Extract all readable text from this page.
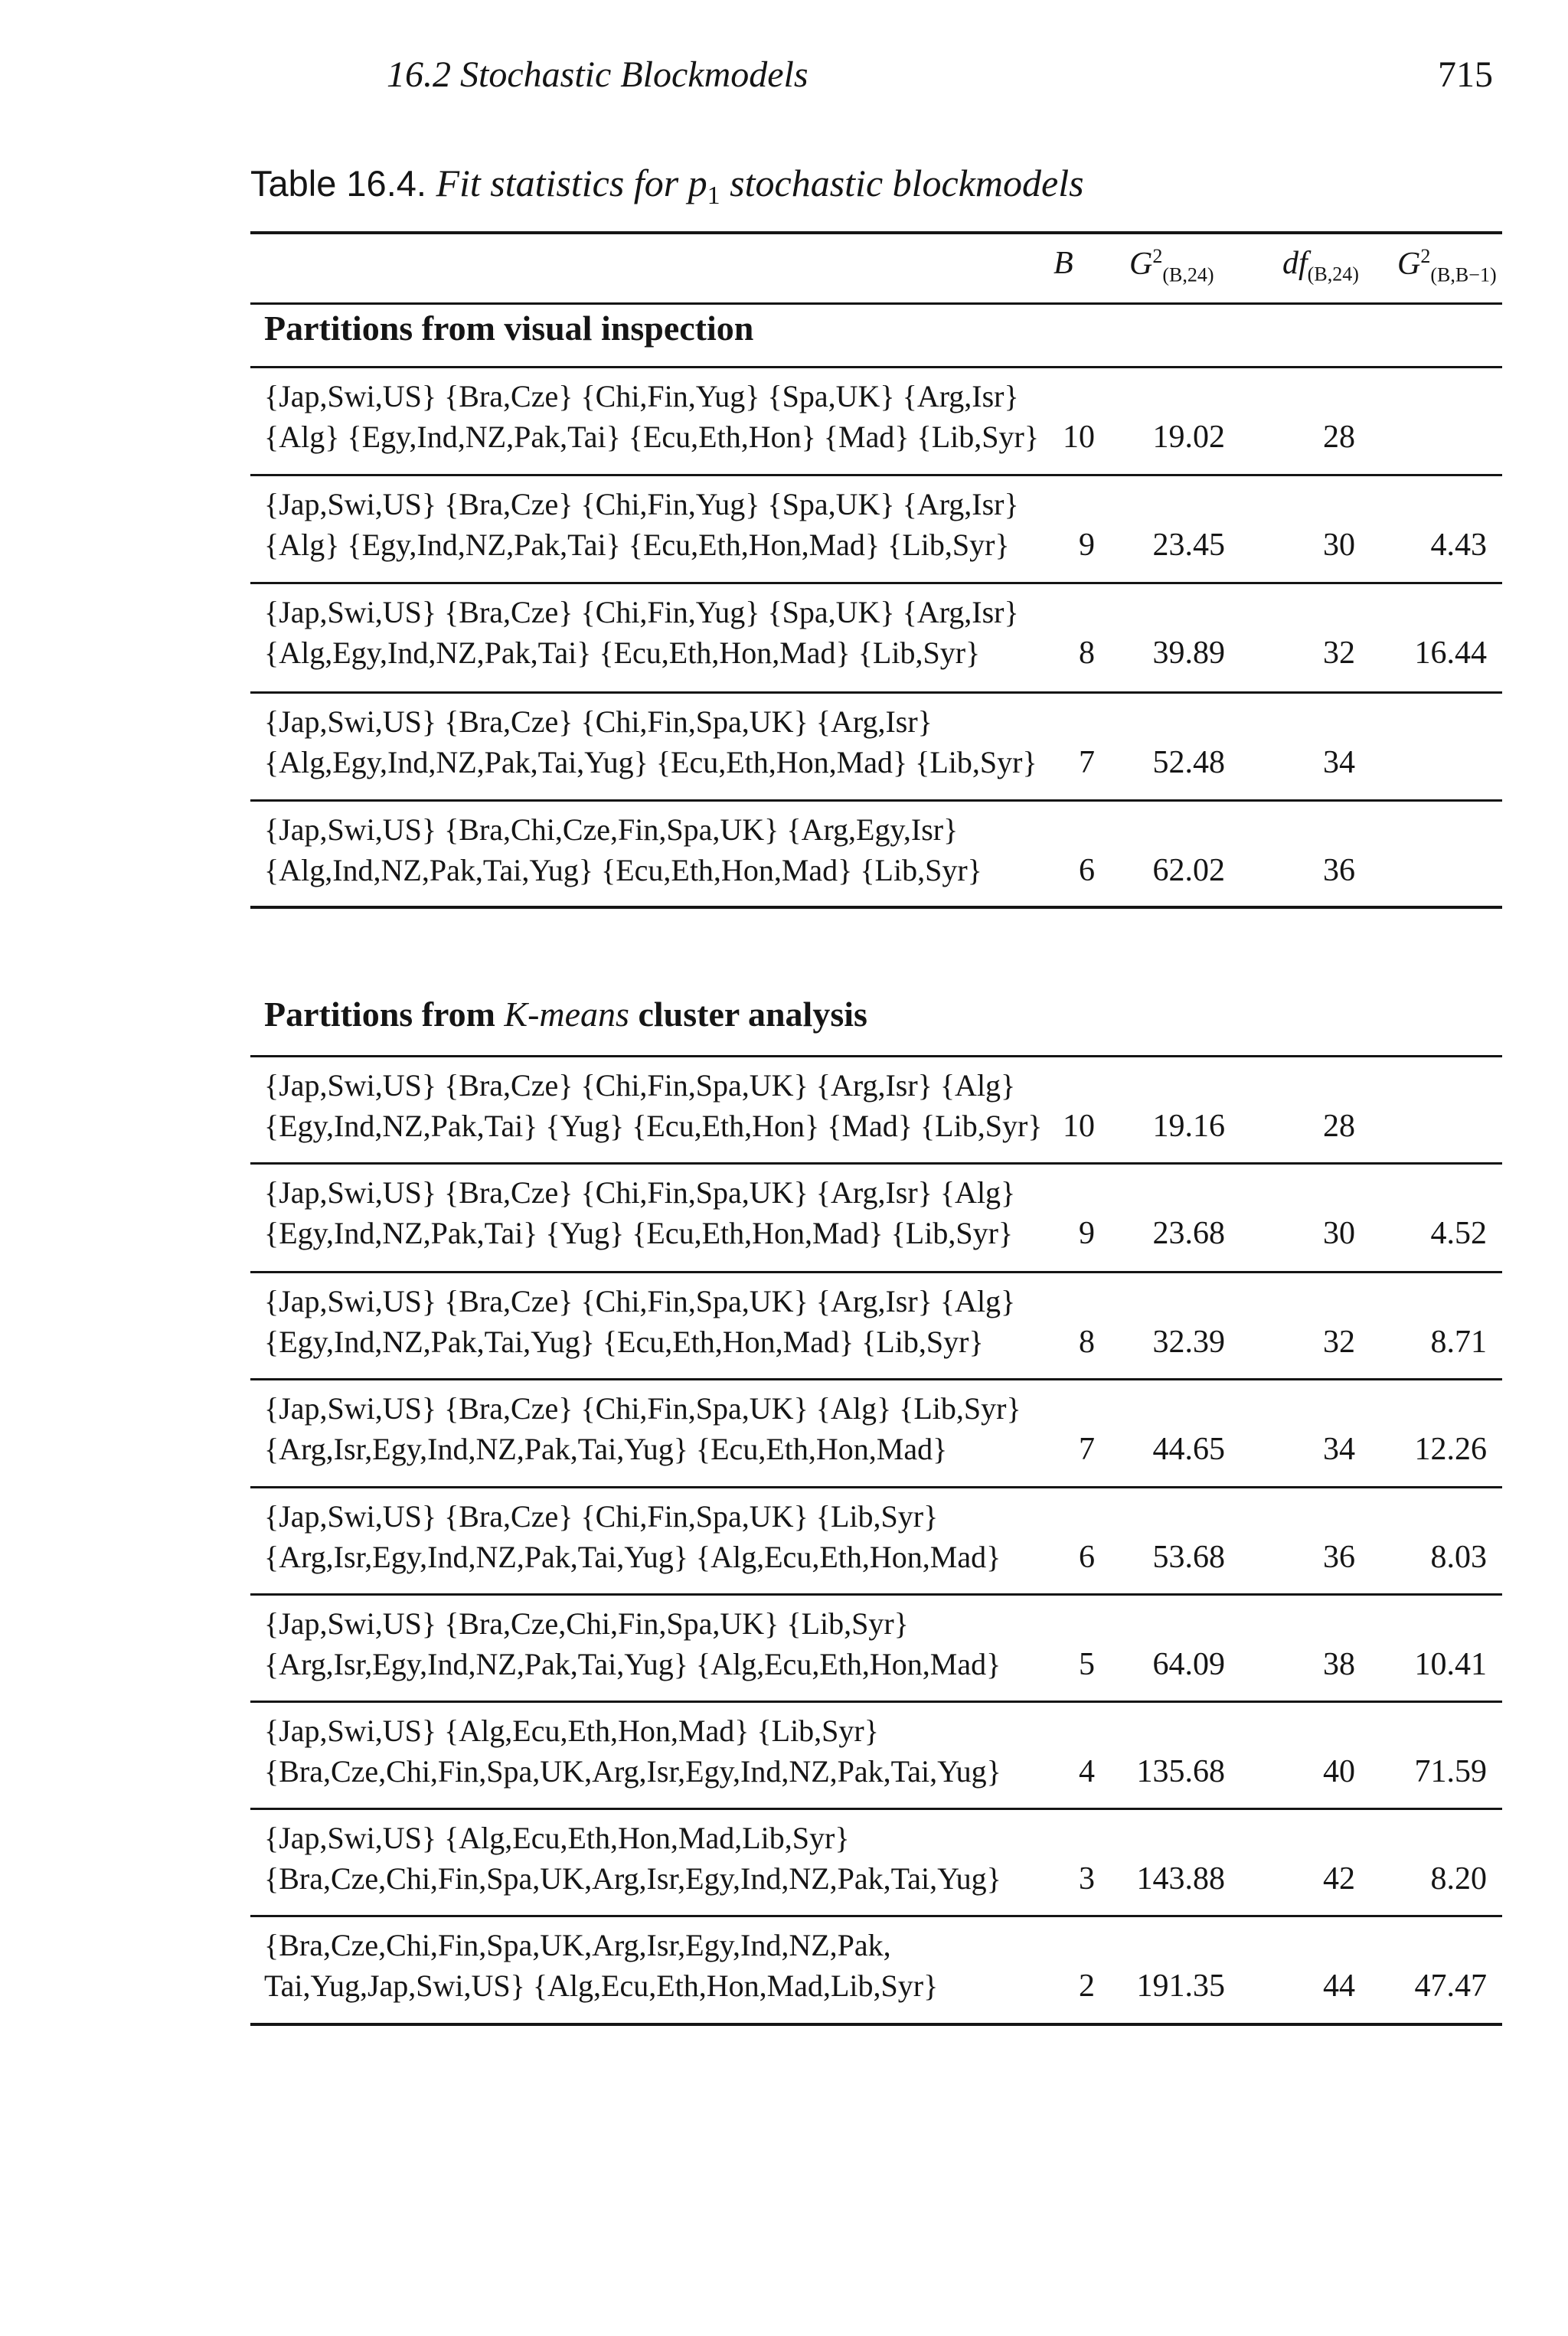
16.2 Stochastic Blockmodels	715
Table 16.4. Fit statistics for $p_1$ stochastic blockmodels
B $G^2_{(B,24)}$ $df_{(B,24)}$ $G^2_{(B,B-1)}$
Partitions from visual inspection
{Jap,Swi,US} {Bra,Cze} {Chi,Fin,Yug} {Spa,UK} {Arg,Isr}
{Alg} {Egy,Ind,NZ,Pak,Tai} {Ecu,Eth,Hon} {Mad} {Lib,Syr} 10	19.02	28
{Jap,Swi,US} {Bra,Cze} {Chi,Fin,Yug} {Spa,UK} {Arg,Isr}
{Alg} {Egy,Ind,NZ,Pak,Tai} {Ecu,Eth,Hon,Mad} {Lib,Syr}	9	23.45	30	4.43
{Jap,Swi,US} {Bra,Cze} {Chi,Fin,Yug} {Spa,UK} {Arg,Isr}
{Alg,Egy,Ind,NZ,Pak,Tai} {Ecu,Eth,Hon,Mad} {Lib,Syr}	8	39.89	32	16.44
{Jap,Swi,US} {Bra,Cze} {Chi,Fin,Spa,UK} {Arg,Isr}
{Alg,Egy,Ind,NZ,Pak,Tai,Yug} {Ecu,Eth,Hon,Mad} {Lib,Syr}	7	52.48	34
{Jap,Swi,US} {Bra,Chi,Cze,Fin,Spa,UK} {Arg,Egy,Isr}
{Alg,Ind,NZ,Pak,Tai,Yug} {Ecu,Eth,Hon,Mad} {Lib,Syr}	6	62.02	36
Partitions from K-means cluster analysis
{Jap,Swi,US} {Bra,Cze} {Chi,Fin,Spa,UK} {Arg,Isr} {Alg}
{Egy,Ind,NZ,Pak,Tai} {Yug} {Ecu,Eth,Hon} {Mad} {Lib,Syr} 10	19.16	28
{Jap,Swi,US} {Bra,Cze} {Chi,Fin,Spa,UK} {Arg,Isr} {Alg}
{Egy,Ind,NZ,Pak,Tai} {Yug} {Ecu,Eth,Hon,Mad} {Lib,Syr}	9	23.68	30	4.52
{Jap,Swi,US} {Bra,Cze} {Chi,Fin,Spa,UK} {Arg,Isr} {Alg}
{Egy,Ind,NZ,Pak,Tai,Yug} {Ecu,Eth,Hon,Mad} {Lib,Syr}	8	32.39	32	8.71
{Jap,Swi,US} {Bra,Cze} {Chi,Fin,Spa,UK} {Alg} {Lib,Syr}
{Arg,Isr,Egy,Ind,NZ,Pak,Tai,Yug} {Ecu,Eth,Hon,Mad}	7	44.65	34	12.26
{Jap,Swi,US} {Bra,Cze} {Chi,Fin,Spa,UK} {Lib,Syr}
{Arg,Isr,Egy,Ind,NZ,Pak,Tai,Yug} {Alg,Ecu,Eth,Hon,Mad}	6	53.68	36	8.03
{Jap,Swi,US} {Bra,Cze,Chi,Fin,Spa,UK} {Lib,Syr}
{Arg,Isr,Egy,Ind,NZ,Pak,Tai,Yug} {Alg,Ecu,Eth,Hon,Mad}	5	64.09	38	10.41
{Jap,Swi,US} {Alg,Ecu,Eth,Hon,Mad} {Lib,Syr}
{Bra,Cze,Chi,Fin,Spa,UK,Arg,Isr,Egy,Ind,NZ,Pak,Tai,Yug}	4	135.68	40	71.59
{Jap,Swi,US} {Alg,Ecu,Eth,Hon,Mad,Lib,Syr}
{Bra,Cze,Chi,Fin,Spa,UK,Arg,Isr,Egy,Ind,NZ,Pak,Tai,Yug}	3	143.88	42	8.20
{Bra,Cze,Chi,Fin,Spa,UK,Arg,Isr,Egy,Ind,NZ,Pak,
Tai,Yug,Jap,Swi,US} {Alg,Ecu,Eth,Hon,Mad,Lib,Syr}	2	191.35	44	47.47
